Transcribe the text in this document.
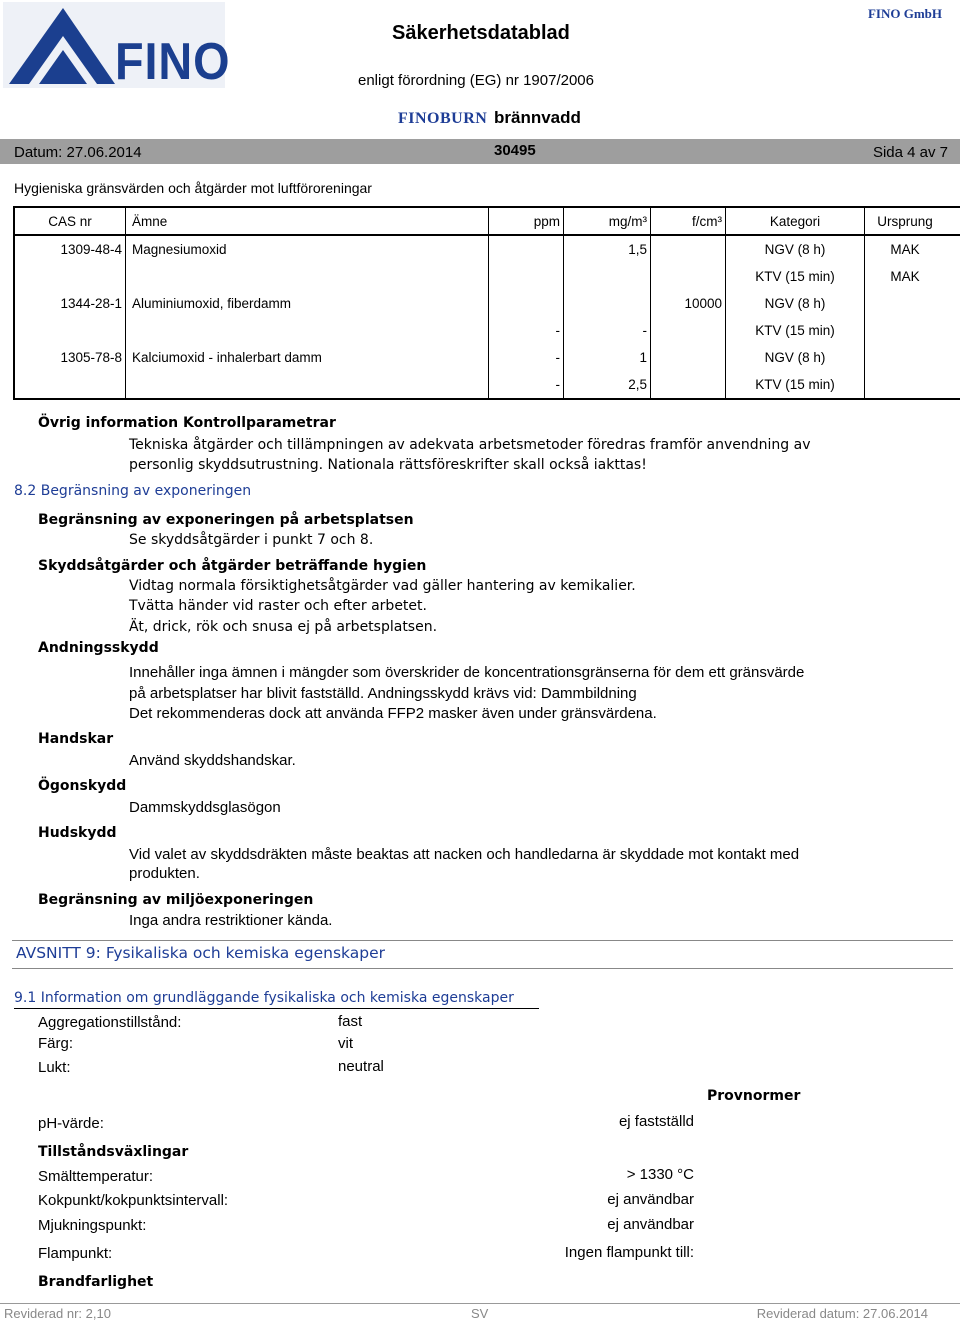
FINO	Säkerhetsdatablad
FINO GmbH
enligt förordning (EG) nr 1907/2006
FINOBURN brännvadd
Datum: 27.06.2014	30495	Sida 4 av 7
Hygieniska gränsvärden och åtgärder mot luftföroreningar
CAS nr	Ämne	ppm	mg/m³	f/cm³	Kategori	Ursprung
1309-48-4	Magnesiumoxid		1,5		NGV (8 h)	MAK
					KTV (15 min)	MAK
1344-28-1	Aluminiumoxid, fiberdamm			10000	NGV (8 h)	
		-	-		KTV (15 min)	
1305-78-8	Kalciumoxid - inhalerbart damm	-	1		NGV (8 h)	
		-	2,5		KTV (15 min)	
Övrig information Kontrollparametrar
Tekniska åtgärder och tillämpningen av adekvata arbetsmetoder föredras framför anvendning av
personlig skyddsutrustning. Nationala rättsföreskrifter skall också iakttas!
8.2 Begränsning av exponeringen
Begränsning av exponeringen på arbetsplatsen
Se skyddsåtgärder i punkt 7 och 8.
Skyddsåtgärder och åtgärder beträffande hygien
Vidtag normala försiktighetsåtgärder vad gäller hantering av kemikalier.
Tvätta händer vid raster och efter arbetet.
Ät, drick, rök och snusa ej på arbetsplatsen.
Andningsskydd
Innehåller inga ämnen i mängder som överskrider de koncentrationsgränserna för dem ett gränsvärde
på arbetsplatser har blivit fastställd. Andningsskydd krävs vid: Dammbildning
Det rekommenderas dock att använda FFP2 masker även under gränsvärdena.
Handskar
Använd skyddshandskar.
Ögonskydd
Dammskyddsglasögon
Hudskydd
Vid valet av skyddsdräkten måste beaktas att nacken och handledarna är skyddade mot kontakt med
produkten.
Begränsning av miljöexponeringen
Inga andra restriktioner kända.
AVSNITT 9: Fysikaliska och kemiska egenskaper
9.1 Information om grundläggande fysikaliska och kemiska egenskaper
Aggregationstillstånd:	fast
Färg:	vit
Lukt:	neutral
Provnormer
pH-värde:	ej fastställd
Tillståndsväxlingar
Smälttemperatur:	> 1330 °C
Kokpunkt/kokpunktsintervall:	ej användbar
Mjukningspunkt:	ej användbar
Flampunkt:	Ingen flampunkt till:
Brandfarlighet
Reviderad nr: 2,10	SV	Reviderad datum: 27.06.2014
